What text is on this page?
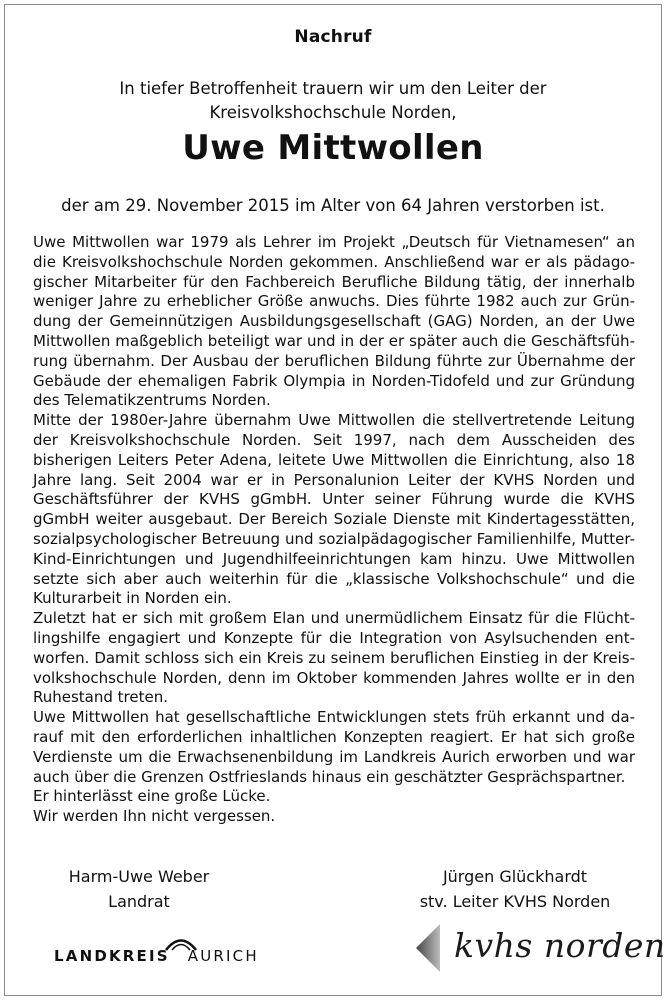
Nachruf
In tiefer Betroffenheit trauern wir um den Leiter der
Kreisvolkshochschule Norden,
Uwe Mittwollen
der am 29. November 2015 im Alter von 64 Jahren verstorben ist.

Uwe Mittwollen war 1979 als Lehrer im Projekt „Deutsch für Vietnamesen“ an die Kreisvolkshochschule Norden gekommen. Anschließend war er als pädagogischer Mitarbeiter für den Fachbereich Berufliche Bildung tätig, der innerhalb weniger Jahre zu erheblicher Größe anwuchs. Dies führte 1982 auch zur Gründung der Gemeinnützigen Ausbildungsgesellschaft (GAG) Norden, an der Uwe Mittwollen maßgeblich beteiligt war und in der er später auch die Geschäftsführung übernahm. Der Ausbau der beruflichen Bildung führte zur Übernahme der Gebäude der ehemaligen Fabrik Olympia in Norden-Tidofeld und zur Gründung des Telematikzentrums Norden.

Mitte der 1980er-Jahre übernahm Uwe Mittwollen die stellvertretende Leitung der Kreisvolkshochschule Norden. Seit 1997, nach dem Ausscheiden des bisherigen Leiters Peter Adena, leitete Uwe Mittwollen die Einrichtung, also 18 Jahre lang. Seit 2004 war er in Personalunion Leiter der KVHS Norden und Geschäftsführer der KVHS gGmbH. Unter seiner Führung wurde die KVHS gGmbH weiter ausgebaut. Der Bereich Soziale Dienste mit Kindertagesstätten, sozialpsychologischer Betreuung und sozialpädagogischer Familienhilfe, Mutter-Kind-Einrichtungen und Jugendhilfeeinrichtungen kam hinzu. Uwe Mittwollen setzte sich aber auch weiterhin für die „klassische Volkshochschule“ und die Kulturarbeit in Norden ein.

Zuletzt hat er sich mit großem Elan und unermüdlichem Einsatz für die Flüchtlingshilfe engagiert und Konzepte für die Integration von Asylsuchenden entworfen. Damit schloss sich ein Kreis zu seinem beruflichen Einstieg in der Kreisvolkshochschule Norden, denn im Oktober kommenden Jahres wollte er in den Ruhestand treten.

Uwe Mittwollen hat gesellschaftliche Entwicklungen stets früh erkannt und darauf mit den erforderlichen inhaltlichen Konzepten reagiert. Er hat sich große Verdienste um die Erwachsenenbildung im Landkreis Aurich erworben und war auch über die Grenzen Ostfrieslands hinaus ein geschätzter Gesprächspartner.

Er hinterlässt eine große Lücke.

Wir werden Ihn nicht vergessen.

Harm-Uwe Weber
Landrat
Jürgen Glückhardt
stv. Leiter KVHS Norden
LANDKREIS AURICH	kvhs norden
